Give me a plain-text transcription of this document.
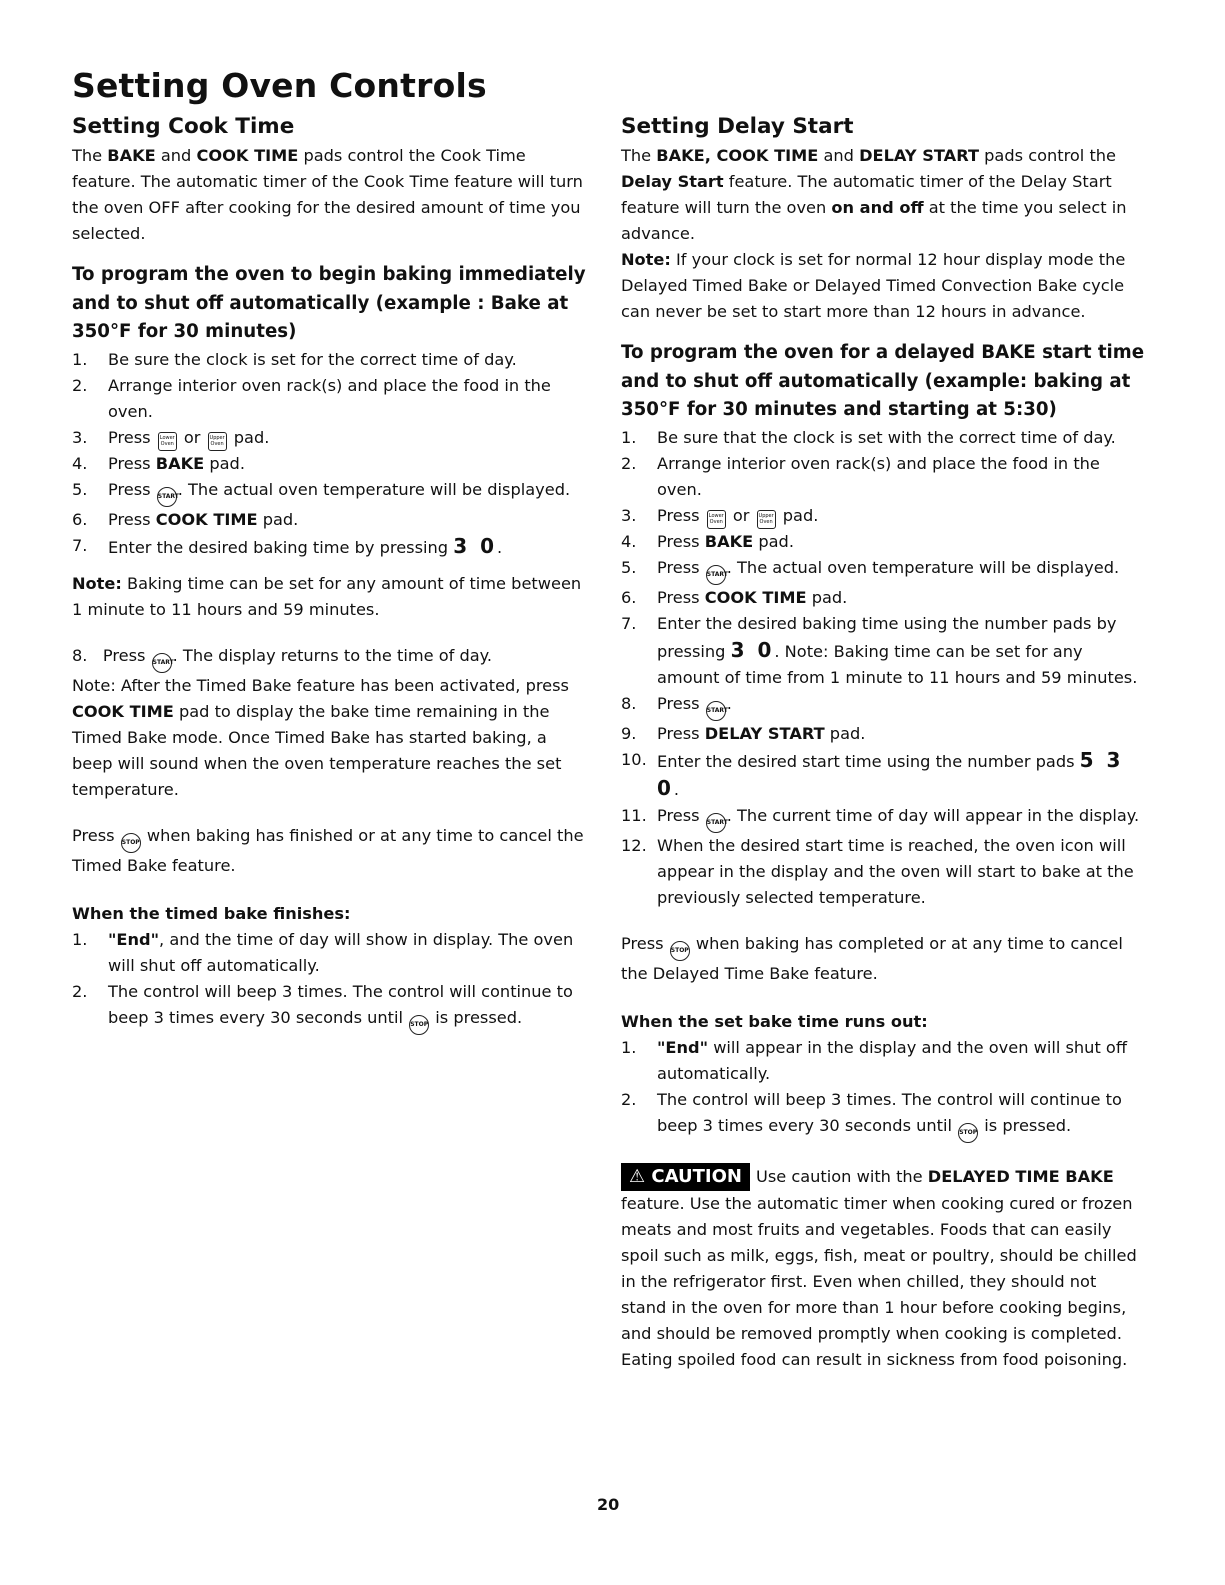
Setting Oven Controls
Setting Cook Time

The BAKE and COOK TIME pads control the Cook Time feature. The automatic timer of the Cook Time feature will turn the oven OFF after cooking for the desired amount of time you selected.

To program the oven to begin baking immediately and to shut off automatically (example : Bake at 350°F for 30 minutes)
1. Be sure the clock is set for the correct time of day.
2. Arrange interior oven rack(s) and place the food in the oven.
3. Press Lower
Oven or Upper
Oven pad.
4. Press BAKE pad.
5. Press START. The actual oven temperature will be displayed.
6. Press COOK TIME pad.
7. Enter the desired baking time by pressing 3 0.

Note: Baking time can be set for any amount of time between 1 minute to 11 hours and 59 minutes.

8.   Press START. The display returns to the time of day.

Note: After the Timed Bake feature has been activated, press COOK TIME pad to display the bake time remaining in the Timed Bake mode. Once Timed Bake has started baking, a beep will sound when the oven temperature reaches the set temperature.

Press STOP when baking has finished or at any time to cancel the Timed Bake feature.

When the timed bake finishes:
1. "End", and the time of day will show in display. The oven will shut off automatically.
2. The control will beep 3 times. The control will continue to beep 3 times every 30 seconds until STOP is pressed.
Setting Delay Start

The BAKE, COOK TIME and DELAY START pads control the Delay Start feature. The automatic timer of the Delay Start feature will turn the oven on and off at the time you select in advance.

Note: If your clock is set for normal 12 hour display mode the Delayed Timed Bake or Delayed Timed Convection Bake cycle can never be set to start more than 12 hours in advance.

To program the oven for a delayed BAKE start time and to shut off automatically (example: baking at 350°F for 30 minutes and starting at 5:30)
1. Be sure that the clock is set with the correct time of day.
2. Arrange interior oven rack(s) and place the food in the oven.
3. Press Lower
Oven or Upper
Oven pad.
4. Press BAKE pad.
5. Press START. The actual oven temperature will be displayed.
6. Press COOK TIME pad.
7. Enter the desired baking time using the number pads by pressing 3 0. Note: Baking time can be set for any amount of time from 1 minute to 11 hours and 59 minutes.
8. Press START.
9. Press DELAY START pad.
10. Enter the desired start time using the number pads 5 3 0.
11. Press START. The current time of day will appear in the display.
12. When the desired start time is reached, the oven icon will appear in the display and the oven will start to bake at the previously selected temperature.

Press STOP when baking has completed or at any time to cancel the Delayed Time Bake feature.

When the set bake time runs out:
1. "End" will appear in the display and the oven will shut off automatically.
2. The control will beep 3 times. The control will continue to beep 3 times every 30 seconds until STOP is pressed.

⚠ CAUTION Use caution with the DELAYED TIME BAKE feature. Use the automatic timer when cooking cured or frozen meats and most fruits and vegetables. Foods that can easily spoil such as milk, eggs, fish, meat or poultry, should be chilled in the refrigerator first. Even when chilled, they should not stand in the oven for more than 1 hour before cooking begins, and should be removed promptly when cooking is completed. Eating spoiled food can result in sickness from food poisoning.

20
